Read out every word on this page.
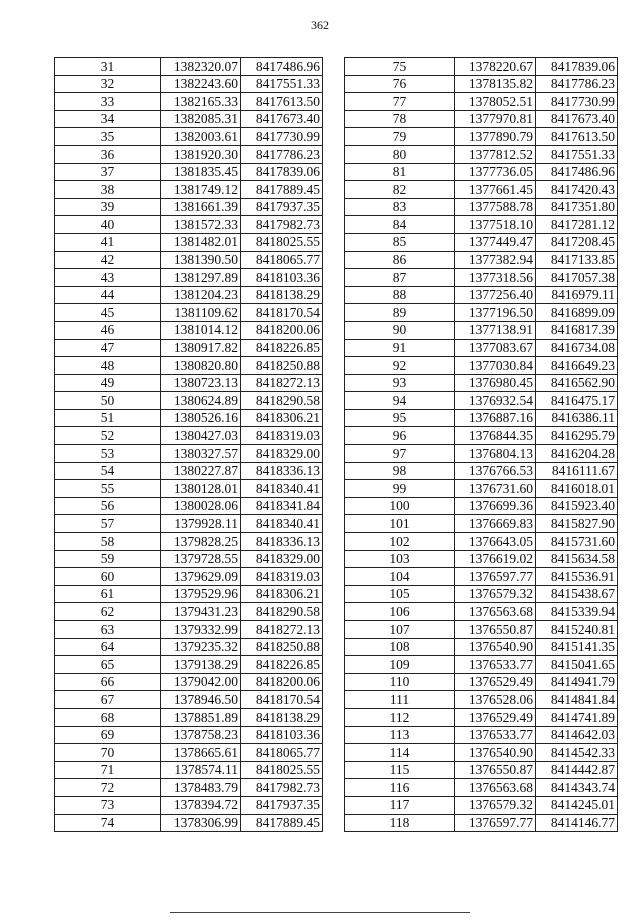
362
31	1382320.07	8417486.96
32	1382243.60	8417551.33
33	1382165.33	8417613.50
34	1382085.31	8417673.40
35	1382003.61	8417730.99
36	1381920.30	8417786.23
37	1381835.45	8417839.06
38	1381749.12	8417889.45
39	1381661.39	8417937.35
40	1381572.33	8417982.73
41	1381482.01	8418025.55
42	1381390.50	8418065.77
43	1381297.89	8418103.36
44	1381204.23	8418138.29
45	1381109.62	8418170.54
46	1381014.12	8418200.06
47	1380917.82	8418226.85
48	1380820.80	8418250.88
49	1380723.13	8418272.13
50	1380624.89	8418290.58
51	1380526.16	8418306.21
52	1380427.03	8418319.03
53	1380327.57	8418329.00
54	1380227.87	8418336.13
55	1380128.01	8418340.41
56	1380028.06	8418341.84
57	1379928.11	8418340.41
58	1379828.25	8418336.13
59	1379728.55	8418329.00
60	1379629.09	8418319.03
61	1379529.96	8418306.21
62	1379431.23	8418290.58
63	1379332.99	8418272.13
64	1379235.32	8418250.88
65	1379138.29	8418226.85
66	1379042.00	8418200.06
67	1378946.50	8418170.54
68	1378851.89	8418138.29
69	1378758.23	8418103.36
70	1378665.61	8418065.77
71	1378574.11	8418025.55
72	1378483.79	8417982.73
73	1378394.72	8417937.35
74	1378306.99	8417889.45
75	1378220.67	8417839.06
76	1378135.82	8417786.23
77	1378052.51	8417730.99
78	1377970.81	8417673.40
79	1377890.79	8417613.50
80	1377812.52	8417551.33
81	1377736.05	8417486.96
82	1377661.45	8417420.43
83	1377588.78	8417351.80
84	1377518.10	8417281.12
85	1377449.47	8417208.45
86	1377382.94	8417133.85
87	1377318.56	8417057.38
88	1377256.40	8416979.11
89	1377196.50	8416899.09
90	1377138.91	8416817.39
91	1377083.67	8416734.08
92	1377030.84	8416649.23
93	1376980.45	8416562.90
94	1376932.54	8416475.17
95	1376887.16	8416386.11
96	1376844.35	8416295.79
97	1376804.13	8416204.28
98	1376766.53	8416111.67
99	1376731.60	8416018.01
100	1376699.36	8415923.40
101	1376669.83	8415827.90
102	1376643.05	8415731.60
103	1376619.02	8415634.58
104	1376597.77	8415536.91
105	1376579.32	8415438.67
106	1376563.68	8415339.94
107	1376550.87	8415240.81
108	1376540.90	8415141.35
109	1376533.77	8415041.65
110	1376529.49	8414941.79
111	1376528.06	8414841.84
112	1376529.49	8414741.89
113	1376533.77	8414642.03
114	1376540.90	8414542.33
115	1376550.87	8414442.87
116	1376563.68	8414343.74
117	1376579.32	8414245.01
118	1376597.77	8414146.77
